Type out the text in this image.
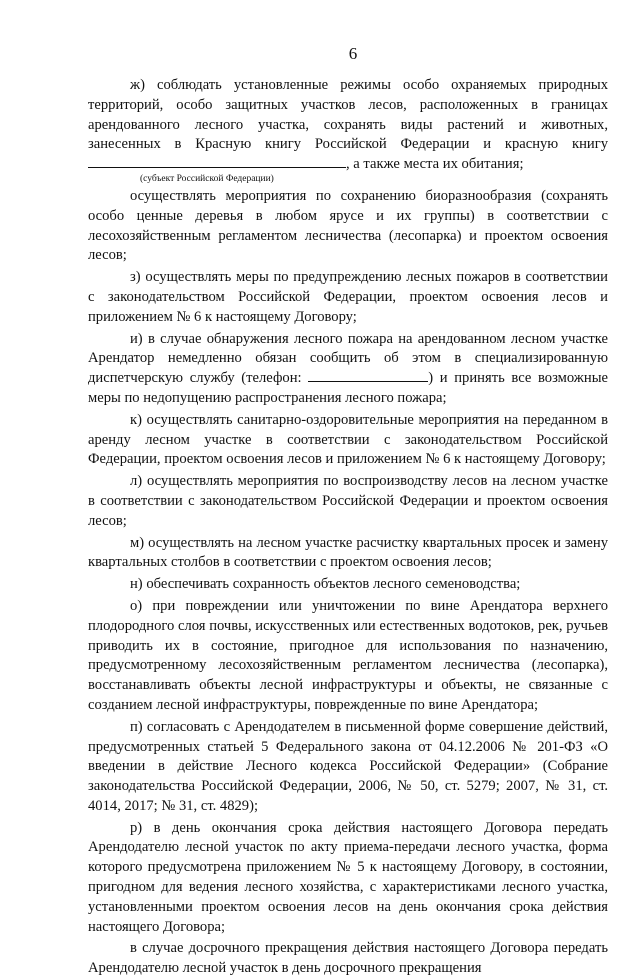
6

ж) соблюдать установленные режимы особо охраняемых природных
территорий, особо защитных участков лесов, расположенных в границах
арендованного лесного участка, сохранять виды растений и животных,
занесенных в Красную книгу Российской Федерации и красную книгу
, а также места их обитания;
(субъект Российской Федерации)

осуществлять мероприятия по сохранению биоразнообразия (сохранять особо ценные деревья в любом ярусе и их группы) в соответствии с лесохозяйственным регламентом лесничества (лесопарка) и проектом освоения лесов;

з) осуществлять меры по предупреждению лесных пожаров в соответствии с законодательством Российской Федерации, проектом освоения лесов и приложением № 6 к настоящему Договору;

и) в случае обнаружения лесного пожара на арендованном лесном участке Арендатор немедленно обязан сообщить об этом в специализированную диспетчерскую службу (телефон:	) и принять все возможные меры по недопущению распространения лесного пожара;

к) осуществлять санитарно-оздоровительные мероприятия на переданном в аренду лесном участке в соответствии с законодательством Российской Федерации, проектом освоения лесов и приложением № 6 к настоящему Договору;

л) осуществлять мероприятия по воспроизводству лесов на лесном участке в соответствии с законодательством Российской Федерации и проектом освоения лесов;

м) осуществлять на лесном участке расчистку квартальных просек и замену квартальных столбов в соответствии с проектом освоения лесов;

н) обеспечивать сохранность объектов лесного семеноводства;

о) при повреждении или уничтожении по вине Арендатора верхнего плодородного слоя почвы, искусственных или естественных водотоков, рек, ручьев приводить их в состояние, пригодное для использования по назначению, предусмотренному лесохозяйственным регламентом лесничества (лесопарка), восстанавливать объекты лесной инфраструктуры и объекты, не связанные с созданием лесной инфраструктуры, поврежденные по вине Арендатора;

п) согласовать с Арендодателем в письменной форме совершение действий, предусмотренных статьей 5 Федерального закона от 04.12.2006 № 201-ФЗ «О введении в действие Лесного кодекса Российской Федерации» (Собрание законодательства Российской Федерации, 2006, № 50, ст. 5279; 2007, № 31, ст. 4014, 2017; № 31, ст. 4829);

р) в день окончания срока действия настоящего Договора передать Арендодателю лесной участок по акту приема-передачи лесного участка, форма которого предусмотрена приложением № 5 к настоящему Договору, в состоянии, пригодном для ведения лесного хозяйства, с характеристиками лесного участка, установленными проектом освоения лесов на день окончания срока действия настоящего Договора;

в случае досрочного прекращения действия настоящего Договора передать Арендодателю лесной участок в день досрочного прекращения
